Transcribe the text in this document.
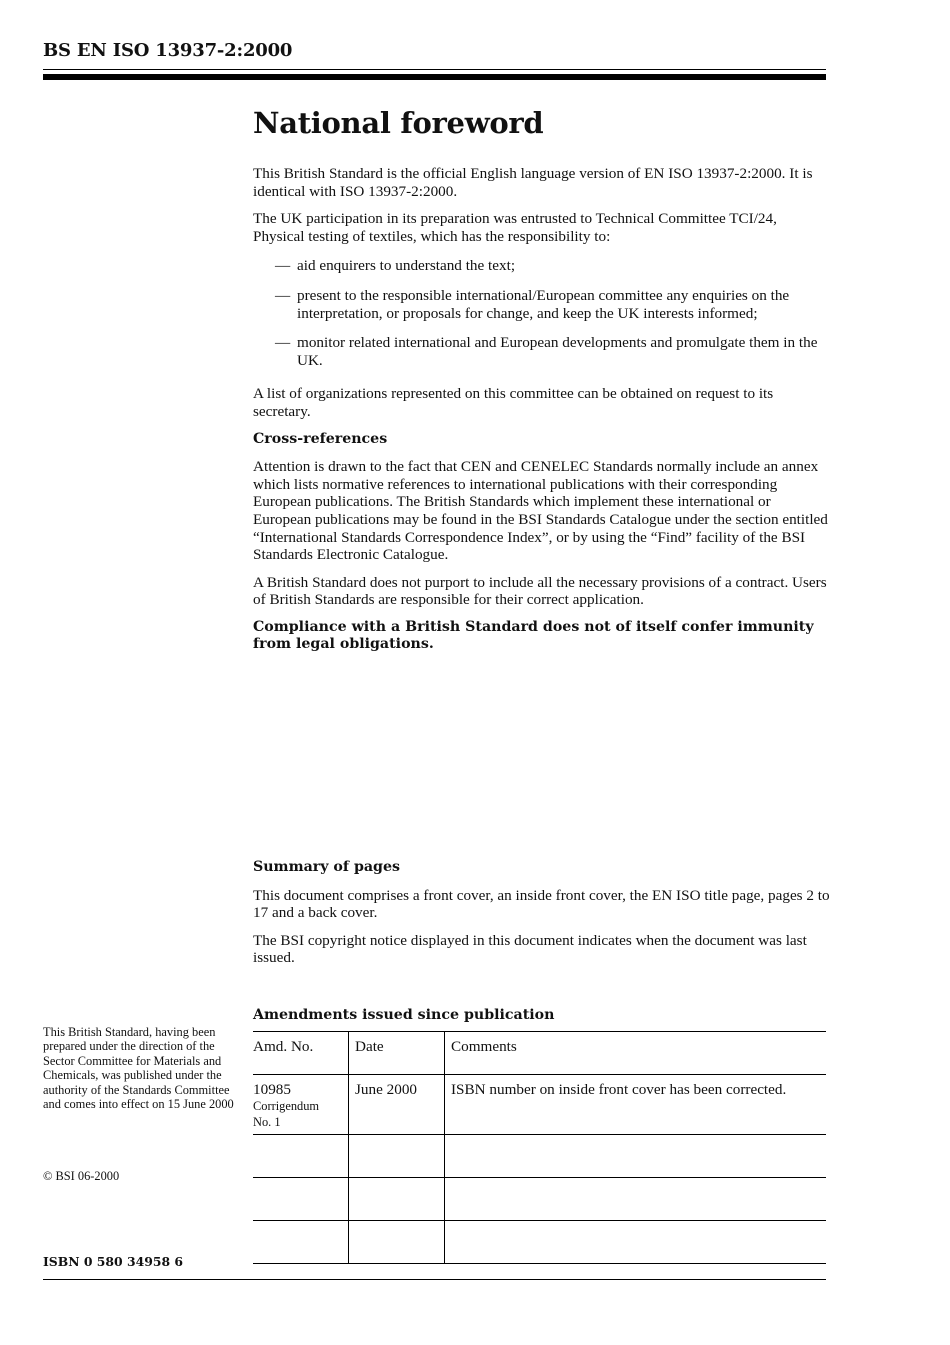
BS EN ISO 13937-2:2000
National foreword

This British Standard is the official English language version of EN ISO 13937-2:2000. It is identical with ISO 13937-2:2000.

The UK participation in its preparation was entrusted to Technical Committee TCI/24, Physical testing of textiles, which has the responsibility to:

— aid enquirers to understand the text;
— present to the responsible international/European committee any enquiries on the interpretation, or proposals for change, and keep the UK interests informed;
— monitor related international and European developments and promulgate them in the UK.

A list of organizations represented on this committee can be obtained on request to its secretary.

Cross-references

Attention is drawn to the fact that CEN and CENELEC Standards normally include an annex which lists normative references to international publications with their corresponding European publications. The British Standards which implement these international or European publications may be found in the BSI Standards Catalogue under the section entitled “International Standards Correspondence Index”, or by using the “Find” facility of the BSI Standards Electronic Catalogue.

A British Standard does not purport to include all the necessary provisions of a contract. Users of British Standards are responsible for their correct application.

Compliance with a British Standard does not of itself confer immunity from legal obligations.

Summary of pages

This document comprises a front cover, an inside front cover, the EN ISO title page, pages 2 to 17 and a back cover.

The BSI copyright notice displayed in this document indicates when the document was last issued.

This British Standard, having been prepared under the direction of the Sector Committee for Materials and Chemicals, was published under the authority of the Standards Committee and comes into effect on 15 June 2000
© BSI 06-2000
ISBN 0 580 34958 6
Amendments issued since publication
Amd. No.	Date	Comments
10985
Corrigendum
No. 1	June 2000	ISBN number on inside front cover has been corrected.
